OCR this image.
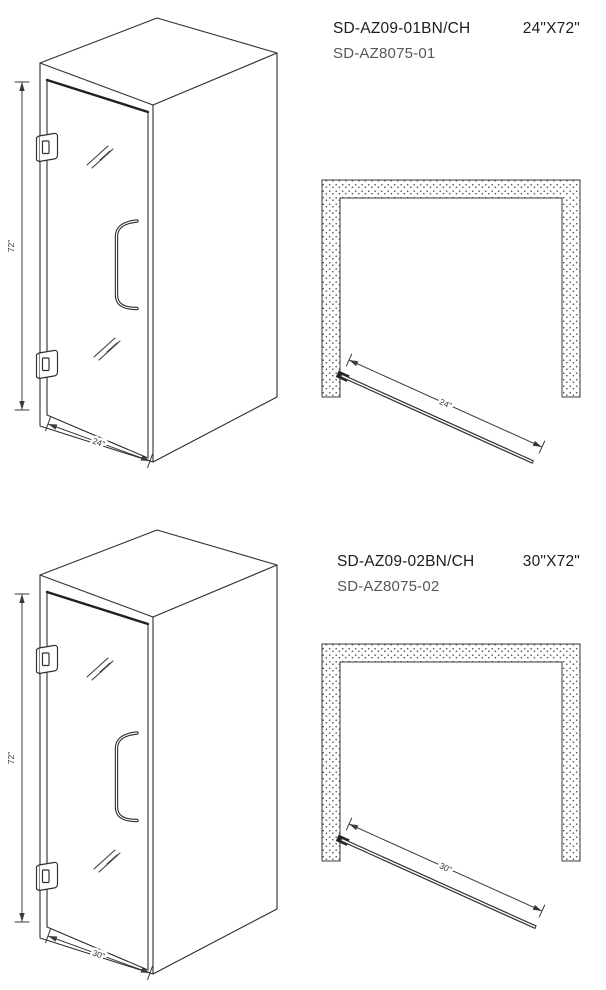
72"
24"
SD-AZ09-01BN/CH	24"X72"
SD-AZ8075-01
24"
72"
30"
SD-AZ09-02BN/CH	30"X72"
SD-AZ8075-02
30"
